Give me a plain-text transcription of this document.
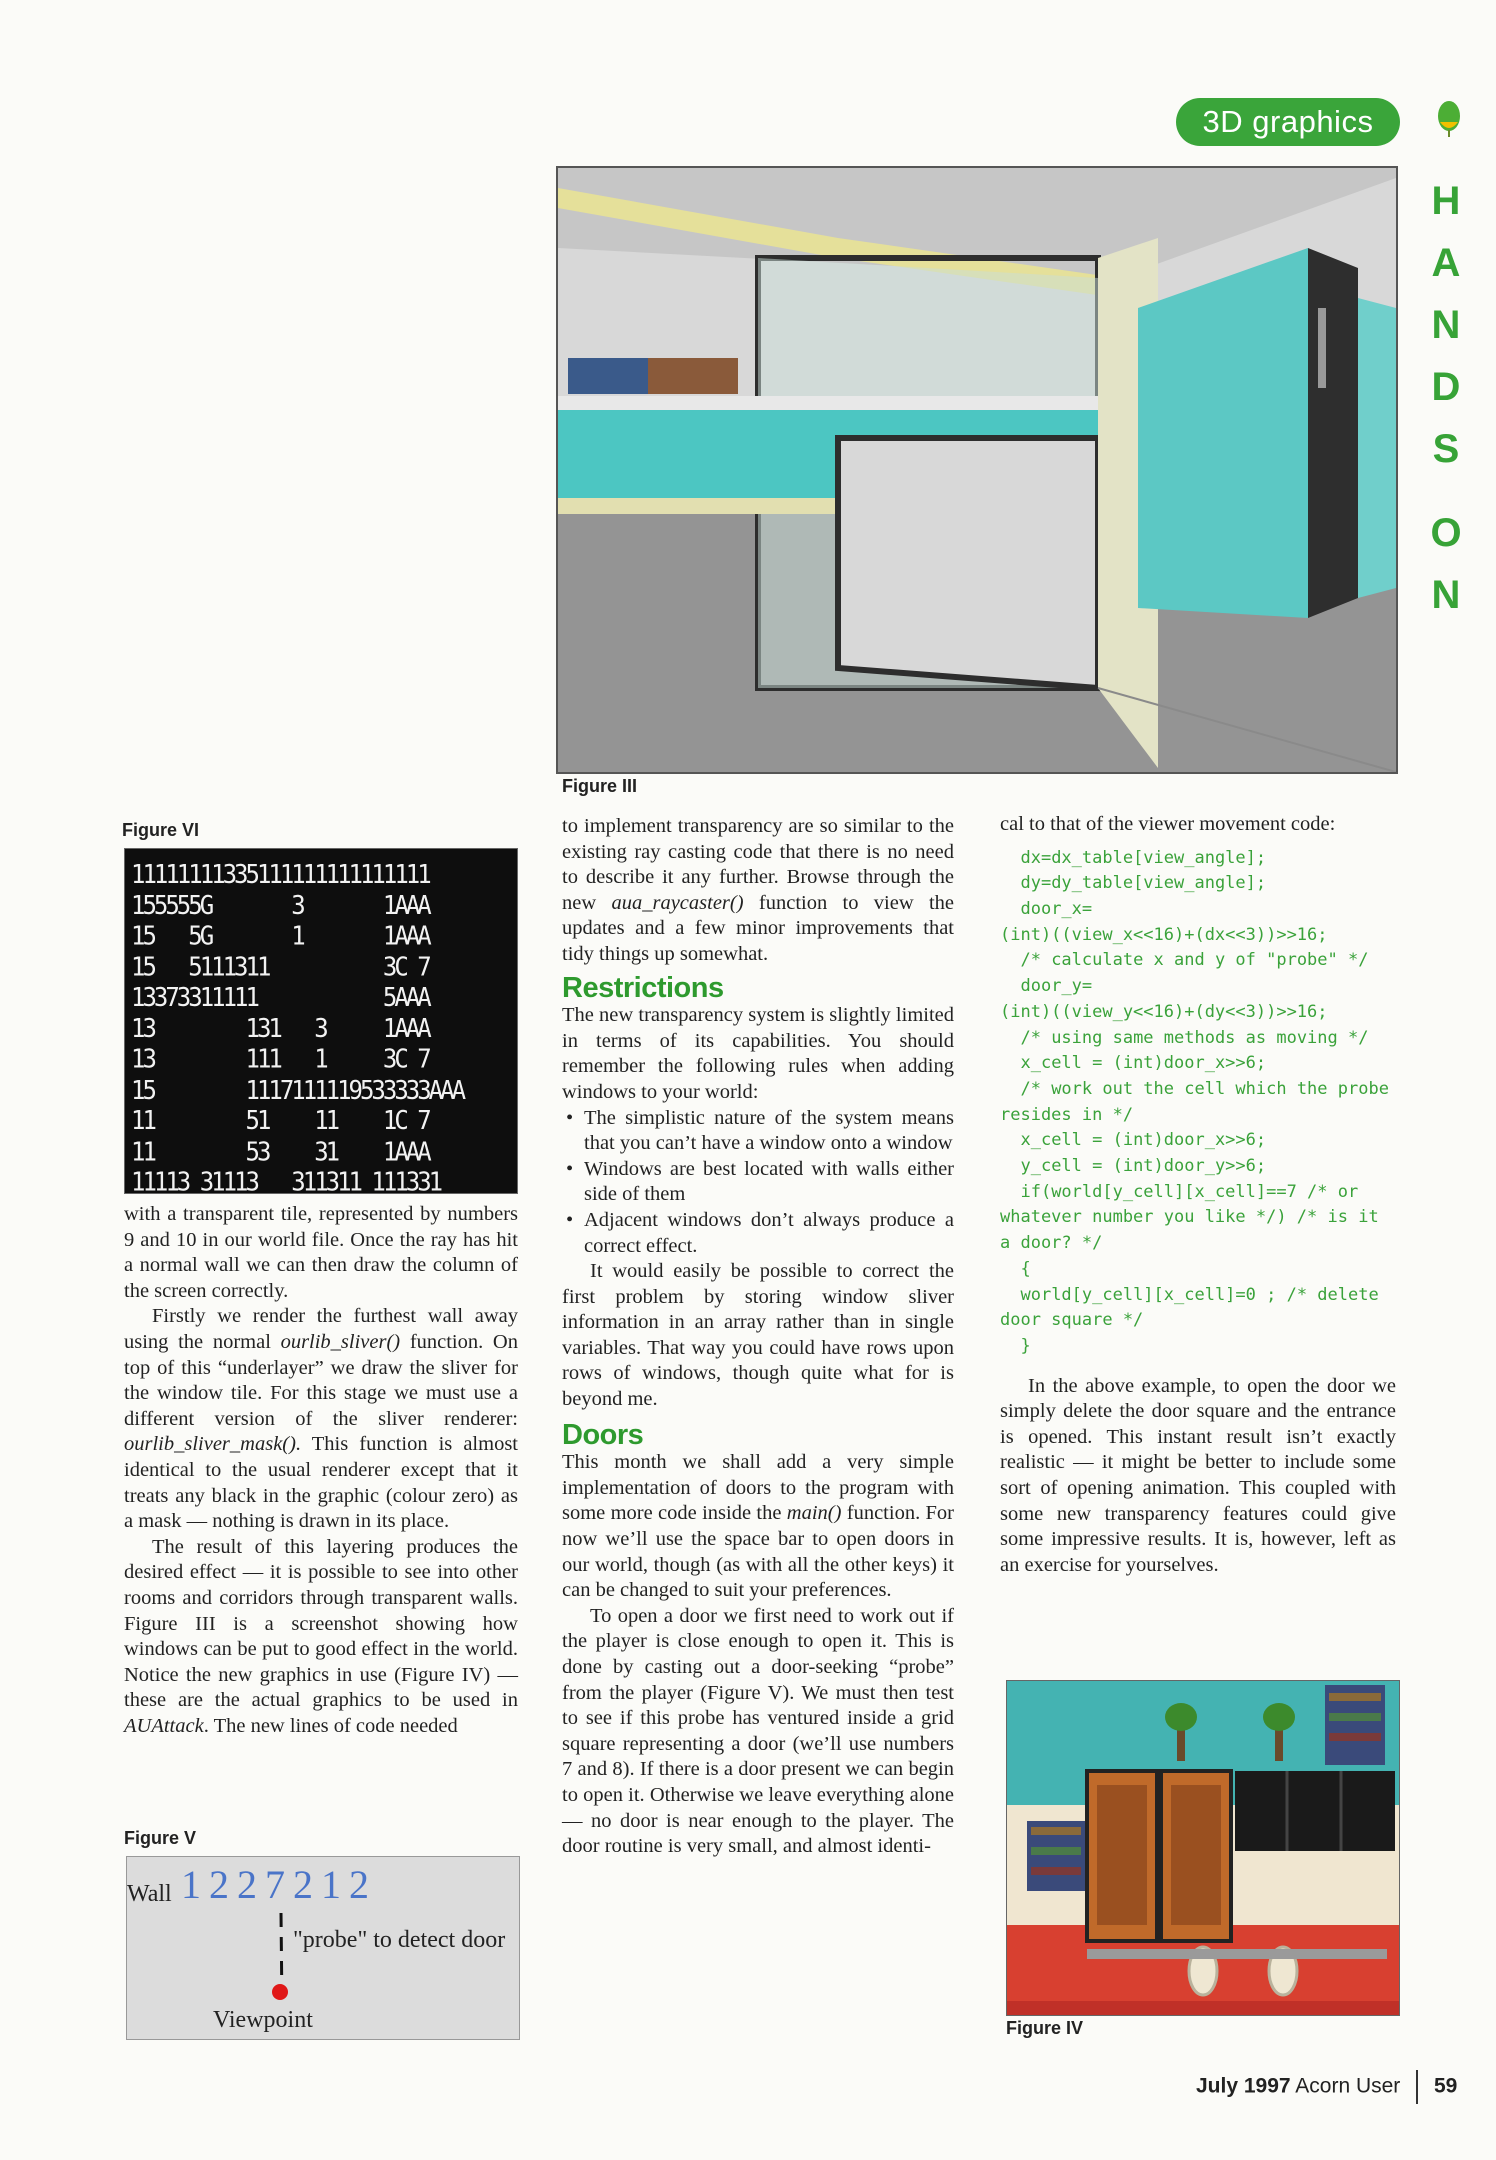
3D graphics
H
A
N
D
S
O
N
Figure III
Figure VI
11111111335111111111111111
155555G       3       1AAA
15   5G       1       1AAA
15   5111311          3C 7
13373311111           5AAA
13        131   3     1AAA
13        111   1     3C 7
15        1117111119533333AAA
11        51    11    1C 7
11        53    31    1AAA
11113 31113   311311 111331

with a transparent tile, represented by numbers 9 and 10 in our world file. Once the ray has hit a normal wall we can then draw the column of the screen correctly.

Firstly we render the furthest wall away using the normal ourlib_sliver() function. On top of this “underlayer” we draw the sliver for the window tile. For this stage we must use a different version of the sliver renderer: ourlib_sliver_mask(). This function is almost identical to the usual renderer except that it treats any black in the graphic (colour zero) as a mask — nothing is drawn in its place.

The result of this layering produces the desired effect — it is possible to see into other rooms and corridors through transparent walls. Figure III is a screenshot showing how windows can be put to good effect in the world. Notice the new graphics in use (Figure IV) — these are the actual graphics to be used in AUAttack. The new lines of code needed

Figure V
Wall 1 2 2 7 2 1 2
"probe" to detect door
Viewpoint

to implement transparency are so similar to the existing ray casting code that there is no need to describe it any further. Browse through the new aua_raycaster() function to view the updates and a few minor improvements that tidy things up somewhat.

Restrictions

The new transparency system is slightly limited in terms of its capabilities. You should remember the following rules when adding windows to your world:

• The simplistic nature of the system means that you can’t have a window onto a window
• Windows are best located with walls either side of them
• Adjacent windows don’t always produce a correct effect.

It would easily be possible to correct the first problem by storing window sliver information in an array rather than in single variables. That way you could have rows upon rows of windows, though quite what for is beyond me.

Doors

This month we shall add a very simple implementation of doors to the program with some more code inside the main() function. For now we’ll use the space bar to open doors in our world, though (as with all the other keys) it can be changed to suit your preferences.

To open a door we first need to work out if the player is close enough to open it. This is done by casting out a door-seeking “probe” from the player (Figure V). We must then test to see if this probe has ventured inside a grid square representing a door (we’ll use numbers 7 and 8). If there is a door present we can begin to open it. Otherwise we leave everything alone — no door is near enough to the player. The door routine is very small, and almost identi-

cal to that of the viewer movement code:

dx=dx_table[view_angle];
dy=dy_table[view_angle];
door_x=
(int)((view_x<<16)+(dx<<3))>>16;
/* calculate x and y of "probe" */
door_y=
(int)((view_y<<16)+(dy<<3))>>16;
/* using same methods as moving */
x_cell = (int)door_x>>6;
/* work out the cell which the probe
resides in */
x_cell = (int)door_x>>6;
y_cell = (int)door_y>>6;
if(world[y_cell][x_cell]==7 /* or
whatever number you like */) /* is it
a door? */
{
world[y_cell][x_cell]=0 ; /* delete
door square */
}

In the above example, to open the door we simply delete the door square and the entrance is opened. This instant result isn’t exactly realistic — it might be better to include some sort of opening animation. This coupled with some new transparency features could give some impressive results. It is, however, left as an exercise for yourselves.

Figure IV
July 1997 Acorn User 59
